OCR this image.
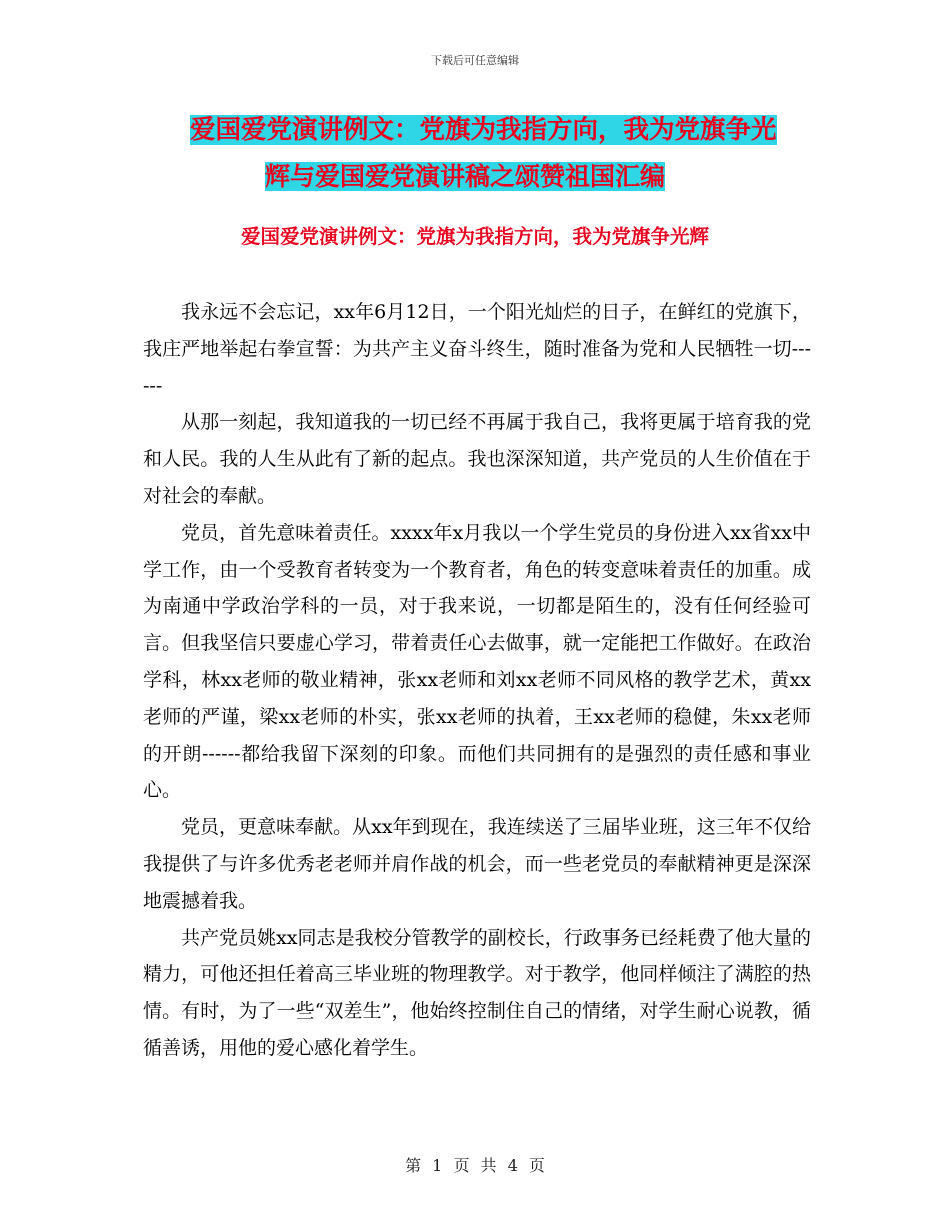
下载后可任意编辑
爱国爱党演讲例文：党旗为我指方向，我为党旗争光
辉与爱国爱党演讲稿之颂赞祖国汇编
爱国爱党演讲例文：党旗为我指方向，我为党旗争光辉

我永远不会忘记，xx年6月12日，一个阳光灿烂的日子，在鲜红的党旗下，我庄严地举起右拳宣誓：为共产主义奋斗终生，随时准备为党和人民牺牲一切------

从那一刻起，我知道我的一切已经不再属于我自己，我将更属于培育我的党和人民。我的人生从此有了新的起点。我也深深知道，共产党员的人生价值在于对社会的奉献。

党员，首先意味着责任。xxxx年x月我以一个学生党员的身份进入xx省xx中学工作，由一个受教育者转变为一个教育者，角色的转变意味着责任的加重。成为南通中学政治学科的一员，对于我来说，一切都是陌生的，没有任何经验可言。但我坚信只要虚心学习，带着责任心去做事，就一定能把工作做好。在政治学科，林xx老师的敬业精神，张xx老师和刘xx老师不同风格的教学艺术，黄xx老师的严谨，梁xx老师的朴实，张xx老师的执着，王xx老师的稳健，朱xx老师的开朗------都给我留下深刻的印象。而他们共同拥有的是强烈的责任感和事业心。

党员，更意味奉献。从xx年到现在，我连续送了三届毕业班，这三年不仅给我提供了与许多优秀老老师并肩作战的机会，而一些老党员的奉献精神更是深深地震撼着我。

共产党员姚xx同志是我校分管教学的副校长，行政事务已经耗费了他大量的精力，可他还担任着高三毕业班的物理教学。对于教学，他同样倾注了满腔的热情。有时，为了一些“双差生”，他始终控制住自己的情绪，对学生耐心说教，循循善诱，用他的爱心感化着学生。

第 1 页 共 4 页
